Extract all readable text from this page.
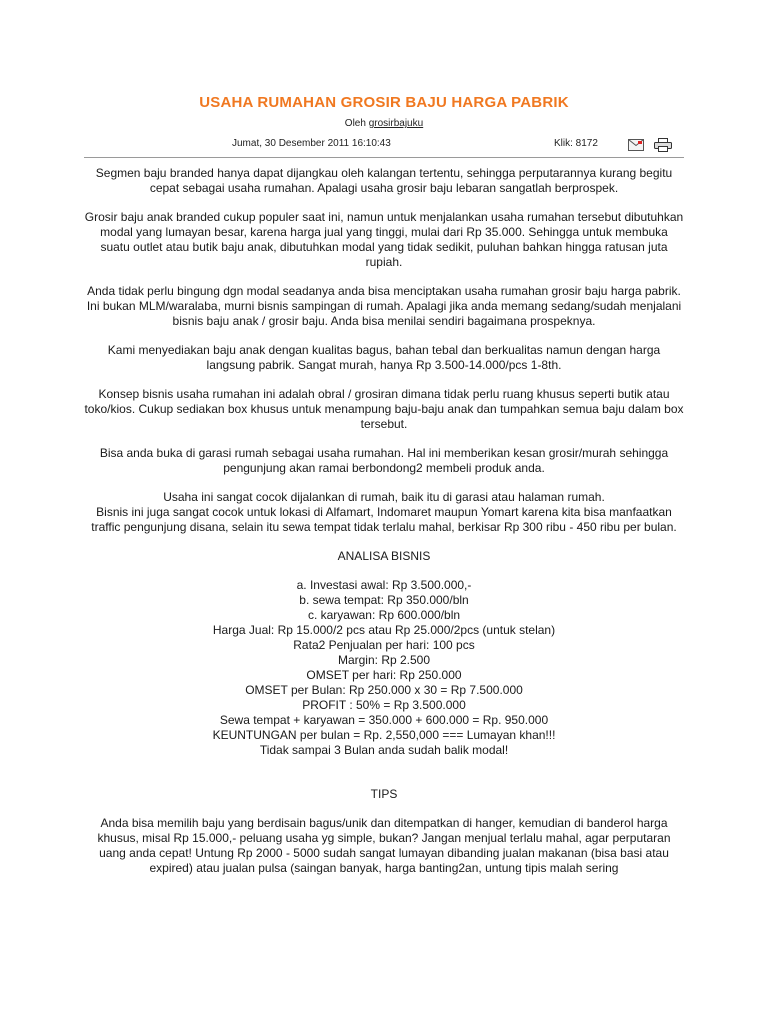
USAHA RUMAHAN GROSIR BAJU HARGA PABRIK
Oleh grosirbajuku
Jumat, 30 Desember 2011 16:10:43	Klik: 8172

Segmen baju branded hanya dapat dijangkau oleh kalangan tertentu, sehingga perputarannya kurang begitu cepat sebagai usaha rumahan. Apalagi usaha grosir baju lebaran sangatlah berprospek.

Grosir baju anak branded cukup populer saat ini, namun untuk menjalankan usaha rumahan tersebut dibutuhkan modal yang lumayan besar, karena harga jual yang tinggi, mulai dari Rp 35.000. Sehingga untuk membuka suatu outlet atau butik baju anak, dibutuhkan modal yang tidak sedikit, puluhan bahkan hingga ratusan juta rupiah.

Anda tidak perlu bingung dgn modal seadanya anda bisa menciptakan usaha rumahan grosir baju harga pabrik. Ini bukan MLM/waralaba, murni bisnis sampingan di rumah. Apalagi jika anda memang sedang/sudah menjalani bisnis baju anak / grosir baju. Anda bisa menilai sendiri bagaimana prospeknya.

Kami menyediakan baju anak dengan kualitas bagus, bahan tebal dan berkualitas namun dengan harga langsung pabrik. Sangat murah, hanya Rp 3.500-14.000/pcs 1-8th.

Konsep bisnis usaha rumahan ini adalah obral / grosiran dimana tidak perlu ruang khusus seperti butik atau toko/kios. Cukup sediakan box khusus untuk menampung baju-baju anak dan tumpahkan semua baju dalam box tersebut.

Bisa anda buka di garasi rumah sebagai usaha rumahan. Hal ini memberikan kesan grosir/murah sehingga pengunjung akan ramai berbondong2 membeli produk anda.

Usaha ini sangat cocok dijalankan di rumah, baik itu di garasi atau halaman rumah.

Bisnis ini juga sangat cocok untuk lokasi di Alfamart, Indomaret maupun Yomart karena kita bisa manfaatkan traffic pengunjung disana, selain itu sewa tempat tidak terlalu mahal, berkisar Rp 300 ribu - 450 ribu per bulan.

ANALISA BISNIS

a. Investasi awal: Rp 3.500.000,-
b. sewa tempat: Rp 350.000/bln
c. karyawan: Rp 600.000/bln
Harga Jual: Rp 15.000/2 pcs atau Rp 25.000/2pcs (untuk stelan)
Rata2 Penjualan per hari: 100 pcs
Margin: Rp 2.500
OMSET per hari: Rp 250.000
OMSET per Bulan: Rp 250.000 x 30 = Rp 7.500.000
PROFIT : 50% = Rp 3.500.000
Sewa tempat + karyawan = 350.000 + 600.000 = Rp. 950.000
KEUNTUNGAN per bulan = Rp. 2,550,000 === Lumayan khan!!!
Tidak sampai 3 Bulan anda sudah balik modal!

TIPS

Anda bisa memilih baju yang berdisain bagus/unik dan ditempatkan di hanger, kemudian di banderol harga khusus, misal Rp 15.000,- peluang usaha yg simple, bukan? Jangan menjual terlalu mahal, agar perputaran uang anda cepat! Untung Rp 2000 - 5000 sudah sangat lumayan dibanding jualan makanan (bisa basi atau expired) atau jualan pulsa (saingan banyak, harga banting2an, untung tipis malah sering
